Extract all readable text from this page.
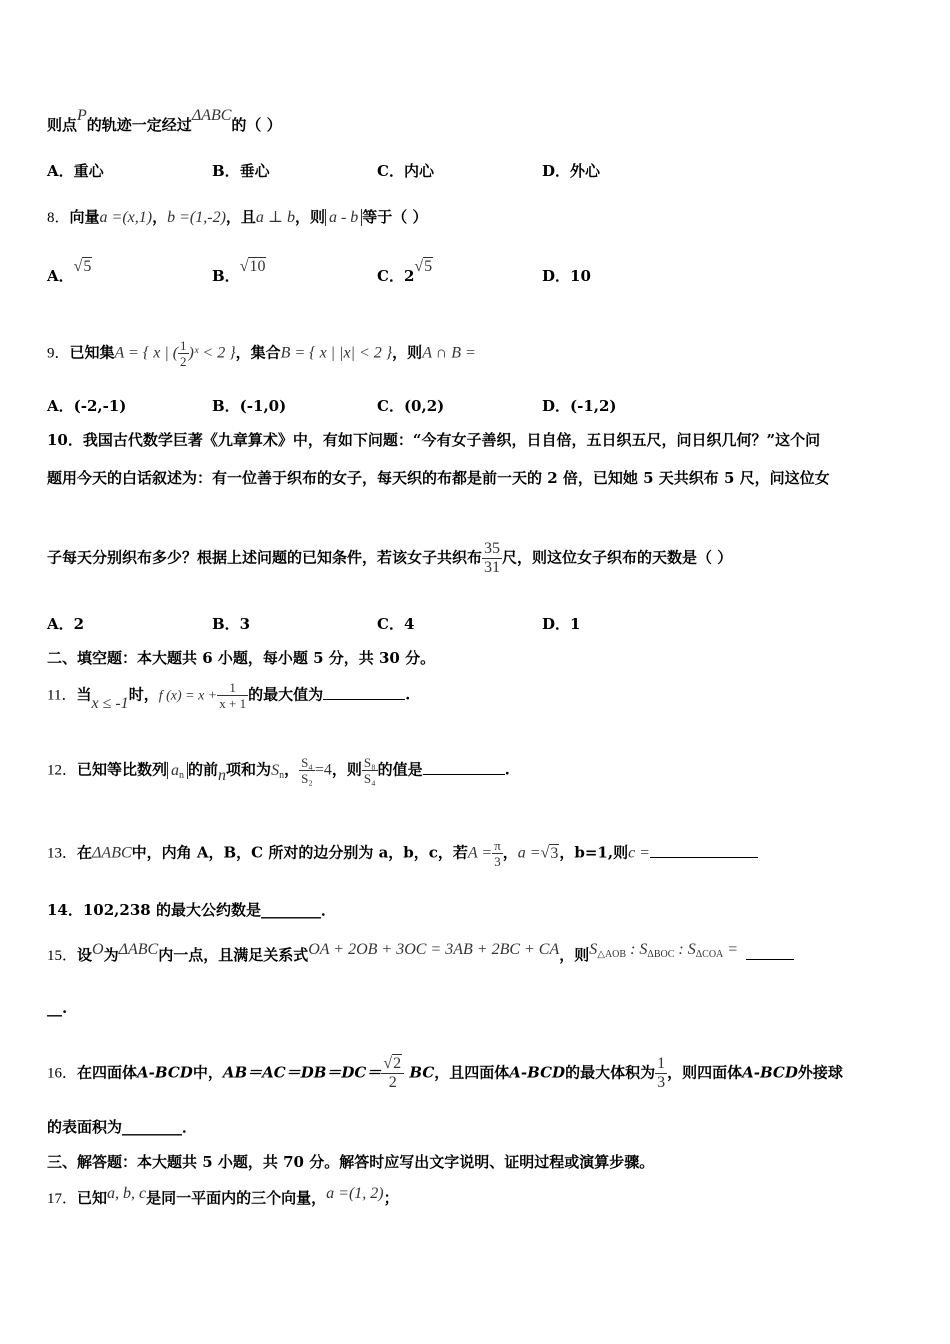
则点P的轨迹一定经过ΔABC的（ ）
A．重心	B．垂心	C．内心	D．外心
8．向量a =(x,1)，b =(1,‑2)，且a ⊥ b，则 a ‑ b 等于（ ）
A．√5
B．√10
C．2√5
D．10
9．已知集A = { x | ( $\frac{1}{2}$ )ˣ < 2 }，集合B = { x | |x| < 2 }，则A ∩ B =
A．(-2,-1)	B．(-1,0)	C．(0,2)	D．(-1,2)
10．我国古代数学巨著《九章算术》中，有如下问题：“今有女子善织，日自倍，五日织五尺，问日织几何？”这个问
题用今天的白话叙述为：有一位善于织布的女子，每天织的布都是前一天的 2 倍，已知她 5 天共织布 5 尺，问这位女
子每天分别织布多少？根据上述问题的已知条件，若该女子共织布 $\frac{35}{31}$ 尺，则这位女子织布的天数是（ ）
A．2	B．3	C．4	D．1
二、填空题：本大题共 6 小题，每小题 5 分，共 30 分。
11．当x ≤ ‑1时，f $(x) = x + \frac{1}{x + 1}$ 的最大值为	.
12．已知等比数列 $a_n$ 的前n项和为$S_n$， $\frac{\text{S₄}}{\text{S₂}} =4$，则 $\frac{\text{S₈}}{\text{S₄}}$ 的值是	.
13．在ΔABC中，内角 A，B，C 所对的边分别为 a，b，c，若$A = \frac{\pi}{3}$ ，a =√3，b=1,则c =
14．102,238 的最大公约数是________．
15．设O为ΔABC内一点，且满足关系式OA + 2OB + 3OC = 3AB + 2BC + CA，则$S_{\triangle AOB}$ : $S_{\Delta BOC}$ : $S_{\Delta COA}$ =
__.
16．在四面体A-BCD中，$AB=AC=DB=DC= \frac{√2}{2}$ BC，且四面体A-BCD的最大体积为 $\frac{1}{3}$ ，则四面体A-BCD外接球
的表面积为________．
三、解答题：本大题共 5 小题，共 70 分。解答时应写出文字说明、证明过程或演算步骤。
17．已知a, b, c是同一平面内的三个向量，a =(1, 2)；
